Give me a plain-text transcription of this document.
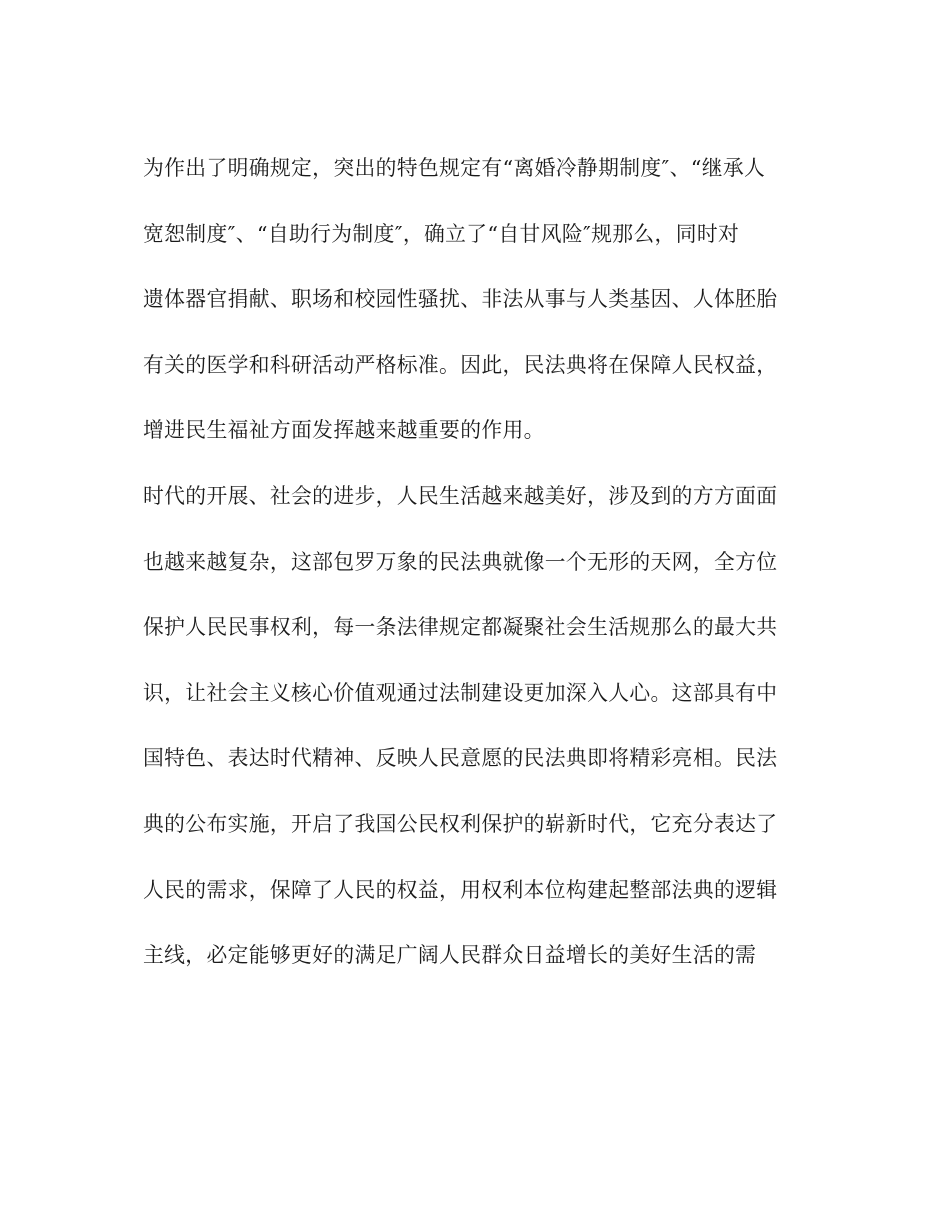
为作出了明确规定，突出的特色规定有“离婚冷静期制度″、“继承人
宽恕制度″、“自助行为制度″，确立了“自甘风险″规那么，同时对
遗体器官捐献、职场和校园性骚扰、非法从事与人类基因、人体胚胎
有关的医学和科研活动严格标准。因此，民法典将在保障人民权益，
增进民生福祉方面发挥越来越重要的作用。
时代的开展、社会的进步，人民生活越来越美好，涉及到的方方面面
也越来越复杂，这部包罗万象的民法典就像一个无形的天网，全方位
保护人民民事权利，每一条法律规定都凝聚社会生活规那么的最大共
识，让社会主义核心价值观通过法制建设更加深入人心。这部具有中
国特色、表达时代精神、反映人民意愿的民法典即将精彩亮相。民法
典的公布实施，开启了我国公民权利保护的崭新时代，它充分表达了
人民的需求，保障了人民的权益，用权利本位构建起整部法典的逻辑
主线，必定能够更好的满足广阔人民群众日益增长的美好生活的需
